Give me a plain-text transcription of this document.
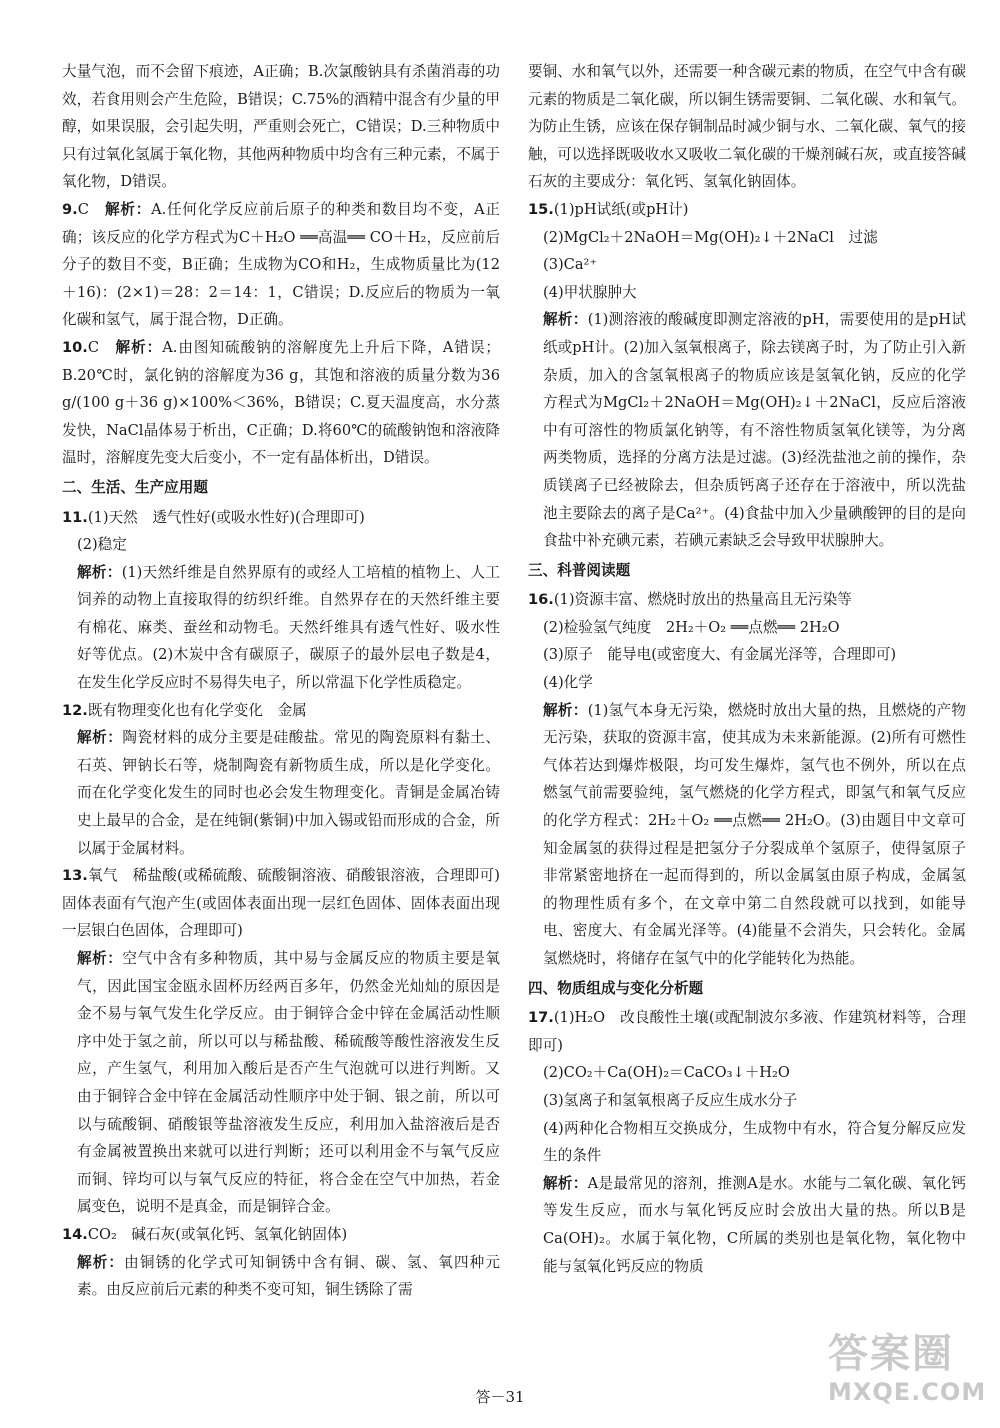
大量气泡，而不会留下痕迹，A正确；B.次氯酸钠具有杀菌消毒的功效，若食用则会产生危险，B错误；C.75%的酒精中混含有少量的甲醇，如果误服，会引起失明，严重则会死亡，C错误；D.三种物质中只有过氧化氢属于氧化物，其他两种物质中均含有三种元素，不属于氧化物，D错误。

9.C　 解析：A.任何化学反应前后原子的种类和数目均不变，A正确；该反应的化学方程式为C＋H₂O ══高温══ CO＋H₂，反应前后分子的数目不变，B正确；生成物为CO和H₂，生成物质量比为(12＋16)：(2×1)＝28：2＝14：1，C错误；D.反应后的物质为一氧化碳和氢气，属于混合物，D正确。

10.C　 解析：A.由图知硫酸钠的溶解度先上升后下降，A错误；B.20℃时，氯化钠的溶解度为36 g，其饱和溶液的质量分数为36 g/(100 g＋36 g)×100%＜36%，B错误；C.夏天温度高，水分蒸发快，NaCl晶体易于析出，C正确；D.将60℃的硫酸钠饱和溶液降温时，溶解度先变大后变小，不一定有晶体析出，D错误。

二、生活、生产应用题

11.(1)天然　透气性好(或吸水性好)(合理即可)

(2)稳定

解析：(1)天然纤维是自然界原有的或经人工培植的植物上、人工饲养的动物上直接取得的纺织纤维。自然界存在的天然纤维主要有棉花、麻类、蚕丝和动物毛。天然纤维具有透气性好、吸水性好等优点。(2)木炭中含有碳原子，碳原子的最外层电子数是4，在发生化学反应时不易得失电子，所以常温下化学性质稳定。

12.既有物理变化也有化学变化　金属

解析：陶瓷材料的成分主要是硅酸盐。常见的陶瓷原料有黏土、石英、钾钠长石等，烧制陶瓷有新物质生成，所以是化学变化。而在化学变化发生的同时也必会发生物理变化。青铜是金属冶铸史上最早的合金，是在纯铜(紫铜)中加入锡或铅而形成的合金，所以属于金属材料。

13.氧气　稀盐酸(或稀硫酸、硫酸铜溶液、硝酸银溶液，合理即可)　固体表面有气泡产生(或固体表面出现一层红色固体、固体表面出现一层银白色固体，合理即可)

解析：空气中含有多种物质，其中易与金属反应的物质主要是氧气，因此国宝金瓯永固杯历经两百多年，仍然金光灿灿的原因是金不易与氧气发生化学反应。由于铜锌合金中锌在金属活动性顺序中处于氢之前，所以可以与稀盐酸、稀硫酸等酸性溶液发生反应，产生氢气，利用加入酸后是否产生气泡就可以进行判断。又由于铜锌合金中锌在金属活动性顺序中处于铜、银之前，所以可以与硫酸铜、硝酸银等盐溶液发生反应，利用加入盐溶液后是否有金属被置换出来就可以进行判断；还可以利用金不与氧气反应而铜、锌均可以与氧气反应的特征，将合金在空气中加热，若金属变色，说明不是真金，而是铜锌合金。

14.CO₂　碱石灰(或氧化钙、氢氧化钠固体)

解析：由铜锈的化学式可知铜锈中含有铜、碳、氢、氧四种元素。由反应前后元素的种类不变可知，铜生锈除了需

要铜、水和氧气以外，还需要一种含碳元素的物质，在空气中含有碳元素的物质是二氧化碳，所以铜生锈需要铜、二氧化碳、水和氧气。为防止生锈，应该在保存铜制品时减少铜与水、二氧化碳、氧气的接触，可以选择既吸收水又吸收二氧化碳的干燥剂碱石灰，或直接答碱石灰的主要成分：氧化钙、氢氧化钠固体。

15.(1)pH试纸(或pH计)

(2)MgCl₂＋2NaOH＝Mg(OH)₂↓＋2NaCl　过滤

(3)Ca²⁺

(4)甲状腺肿大

解析：(1)测溶液的酸碱度即测定溶液的pH，需要使用的是pH试纸或pH计。(2)加入氢氧根离子，除去镁离子时，为了防止引入新杂质，加入的含氢氧根离子的物质应该是氢氧化钠，反应的化学方程式为MgCl₂＋2NaOH＝Mg(OH)₂↓＋2NaCl，反应后溶液中有可溶性的物质氯化钠等，有不溶性物质氢氧化镁等，为分离两类物质，选择的分离方法是过滤。(3)经洗盐池之前的操作，杂质镁离子已经被除去，但杂质钙离子还存在于溶液中，所以洗盐池主要除去的离子是Ca²⁺。(4)食盐中加入少量碘酸钾的目的是向食盐中补充碘元素，若碘元素缺乏会导致甲状腺肿大。

三、科普阅读题

16.(1)资源丰富、燃烧时放出的热量高且无污染等

(2)检验氢气纯度　2H₂＋O₂ ══点燃══ 2H₂O

(3)原子　能导电(或密度大、有金属光泽等，合理即可)

(4)化学

解析：(1)氢气本身无污染，燃烧时放出大量的热，且燃烧的产物无污染，获取的资源丰富，使其成为未来新能源。(2)所有可燃性气体若达到爆炸极限，均可发生爆炸，氢气也不例外，所以在点燃氢气前需要验纯，氢气燃烧的化学方程式，即氢气和氧气反应的化学方程式：2H₂＋O₂ ══点燃══ 2H₂O。(3)由题目中文章可知金属氢的获得过程是把氢分子分裂成单个氢原子，使得氢原子非常紧密地挤在一起而得到的，所以金属氢由原子构成，金属氢的物理性质有多个，在文章中第二自然段就可以找到，如能导电、密度大、有金属光泽等。(4)能量不会消失，只会转化。金属氢燃烧时，将储存在氢气中的化学能转化为热能。

四、物质组成与变化分析题

17.(1)H₂O　改良酸性土壤(或配制波尔多液、作建筑材料等，合理即可)

(2)CO₂＋Ca(OH)₂＝CaCO₃↓＋H₂O

(3)氢离子和氢氧根离子反应生成水分子

(4)两种化合物相互交换成分，生成物中有水，符合复分解反应发生的条件

解析：A是最常见的溶剂，推测A是水。水能与二氧化碳、氧化钙等发生反应，而水与氧化钙反应时会放出大量的热。所以B是Ca(OH)₂。水属于氧化物，C所属的类别也是氧化物，氧化物中能与氢氧化钙反应的物质

答－31
答案圈
MXQE.COM
